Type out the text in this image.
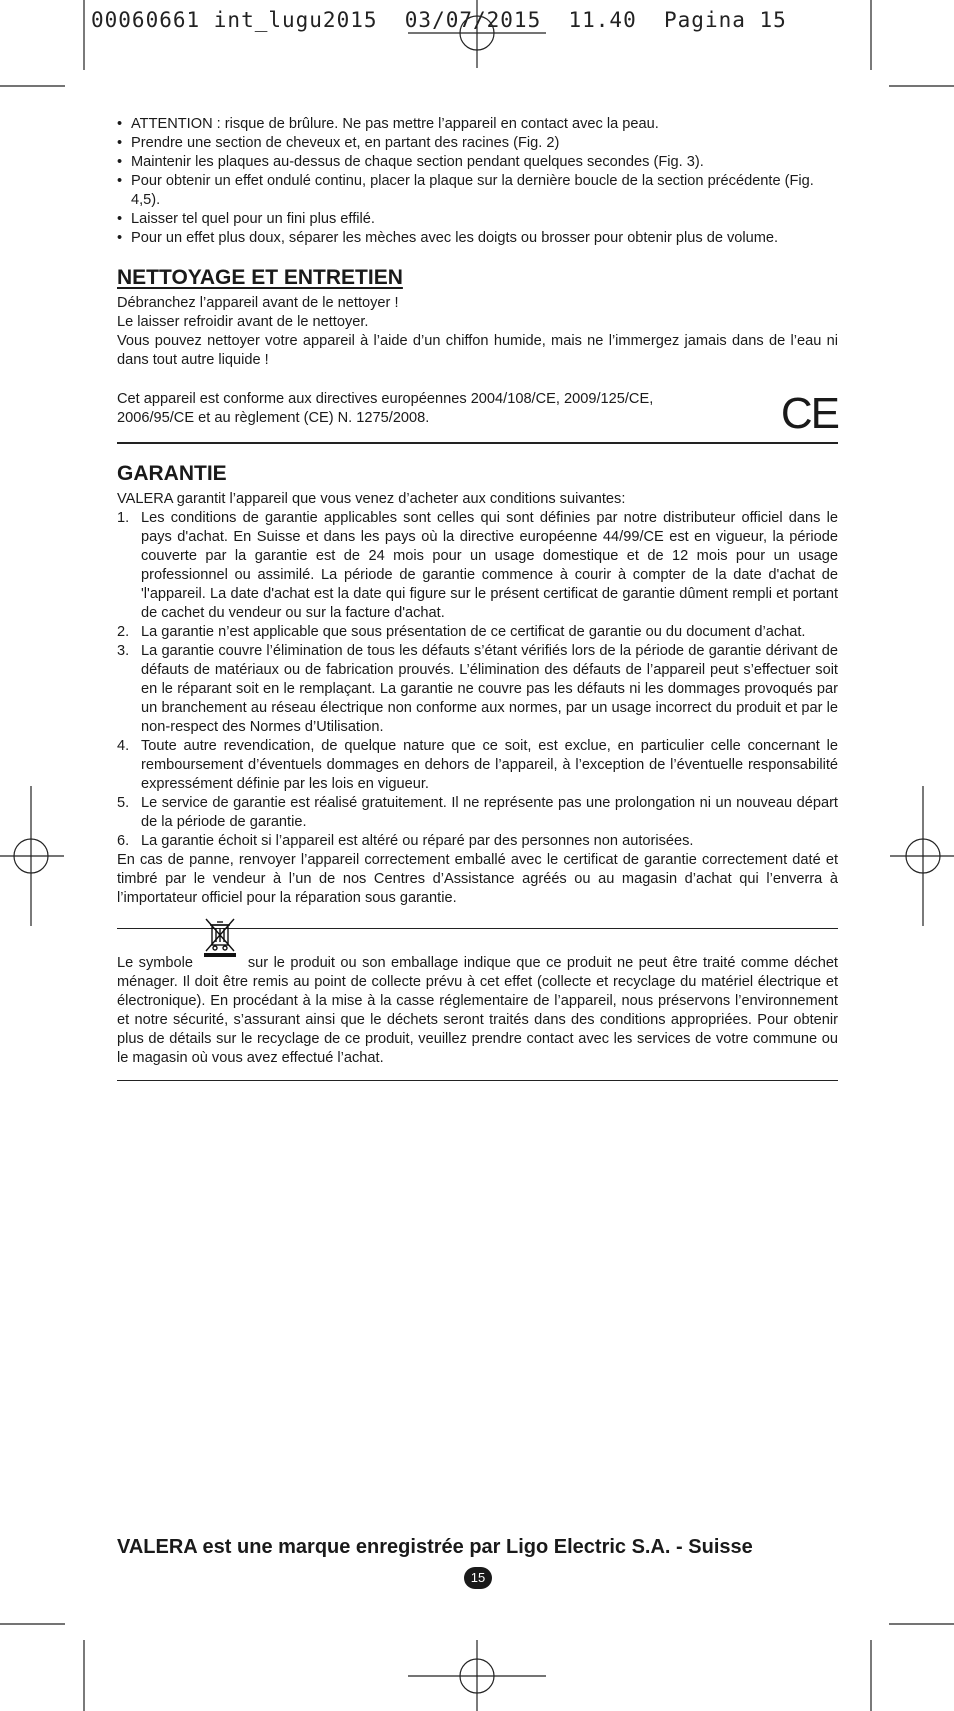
00060661 int_lugu2015  03/07/2015  11.40  Pagina 15
• ATTENTION : risque de brûlure. Ne pas mettre l’appareil en contact avec la peau.
• Prendre une section de cheveux et, en partant des racines (Fig. 2)
• Maintenir les plaques au-dessus de chaque section pendant quelques secondes (Fig. 3).
• Pour obtenir un effet ondulé continu, placer la plaque sur la dernière boucle de la section précédente (Fig. 4,5).
• Laisser tel quel pour un fini plus effilé.
• Pour un effet plus doux, séparer les mèches avec les doigts ou brosser pour obtenir plus de volume.
NETTOYAGE ET ENTRETIEN

Débranchez l’appareil avant de le nettoyer !

Le laisser refroidir avant de le nettoyer.

Vous pouvez nettoyer votre appareil à l’aide d’un chiffon humide, mais ne l’immergez jamais dans de l’eau ni dans tout autre liquide !

Cet appareil est conforme aux directives européennes 2004/108/CE, 2009/125/CE, 2006/95/CE et au règlement (CE) N. 1275/2008.	CE
GARANTIE

VALERA garantit l’appareil que vous venez d’acheter aux conditions suivantes:

1. Les conditions de garantie applicables sont celles qui sont définies par notre distributeur officiel dans le pays d'achat. En Suisse et dans les pays où la directive européenne 44/99/CE est en vigueur, la période couverte par la garantie est de 24 mois pour un usage domestique et de 12 mois pour un usage professionnel ou assimilé. La période de garantie commence à courir à compter de la date d'achat de 'l'appareil. La date d'achat est la date qui figure sur le présent certificat de garantie dûment rempli et portant de cachet du vendeur ou sur la facture d'achat.
2. La garantie n’est applicable que sous présentation de ce certificat de garantie ou du document d’achat.
3. La garantie couvre l’élimination de tous les défauts s’étant vérifiés lors de la période de garantie dérivant de défauts de matériaux ou de fabrication prouvés. L’élimination des défauts de l’appareil peut s’effectuer soit en le réparant soit en le remplaçant. La garantie ne couvre pas les défauts ni les dommages provoqués par un branchement au réseau électrique non conforme aux normes, par un usage incorrect du produit et par le non-respect des Normes d’Utilisation.
4. Toute autre revendication, de quelque nature que ce soit, est exclue, en particulier celle concernant le remboursement d’éventuels dommages en dehors de l’appareil, à l’exception de l’éventuelle responsabilité expressément définie par les lois en vigueur.
5. Le service de garantie est réalisé gratuitement. Il ne représente pas une prolongation ni un nouveau départ de la période de garantie.
6. La garantie échoit si l’appareil est altéré ou réparé par des personnes non autorisées.

En cas de panne, renvoyer l’appareil correctement emballé avec le certificat de garantie correctement daté et timbré par le vendeur à l’un de nos Centres d’Assistance agréés ou au magasin d’achat qui l’enverra à l’importateur officiel pour la réparation sous garantie.

Le symbole	sur le produit ou son emballage indique que ce produit ne peut être traité comme déchet ménager. Il doit être remis au point de collecte prévu à cet effet (collecte et recyclage du matériel électrique et électronique). En procédant à la mise à la casse réglementaire de l’appareil, nous préservons l’environnement et notre sécurité, s’assurant ainsi que le déchets seront traités dans des conditions appropriées. Pour obtenir plus de détails sur le recyclage de ce produit, veuillez prendre contact avec les services de votre commune ou le magasin où vous avez effectué l’achat.

VALERA est une marque enregistrée par Ligo Electric S.A. - Suisse
15
